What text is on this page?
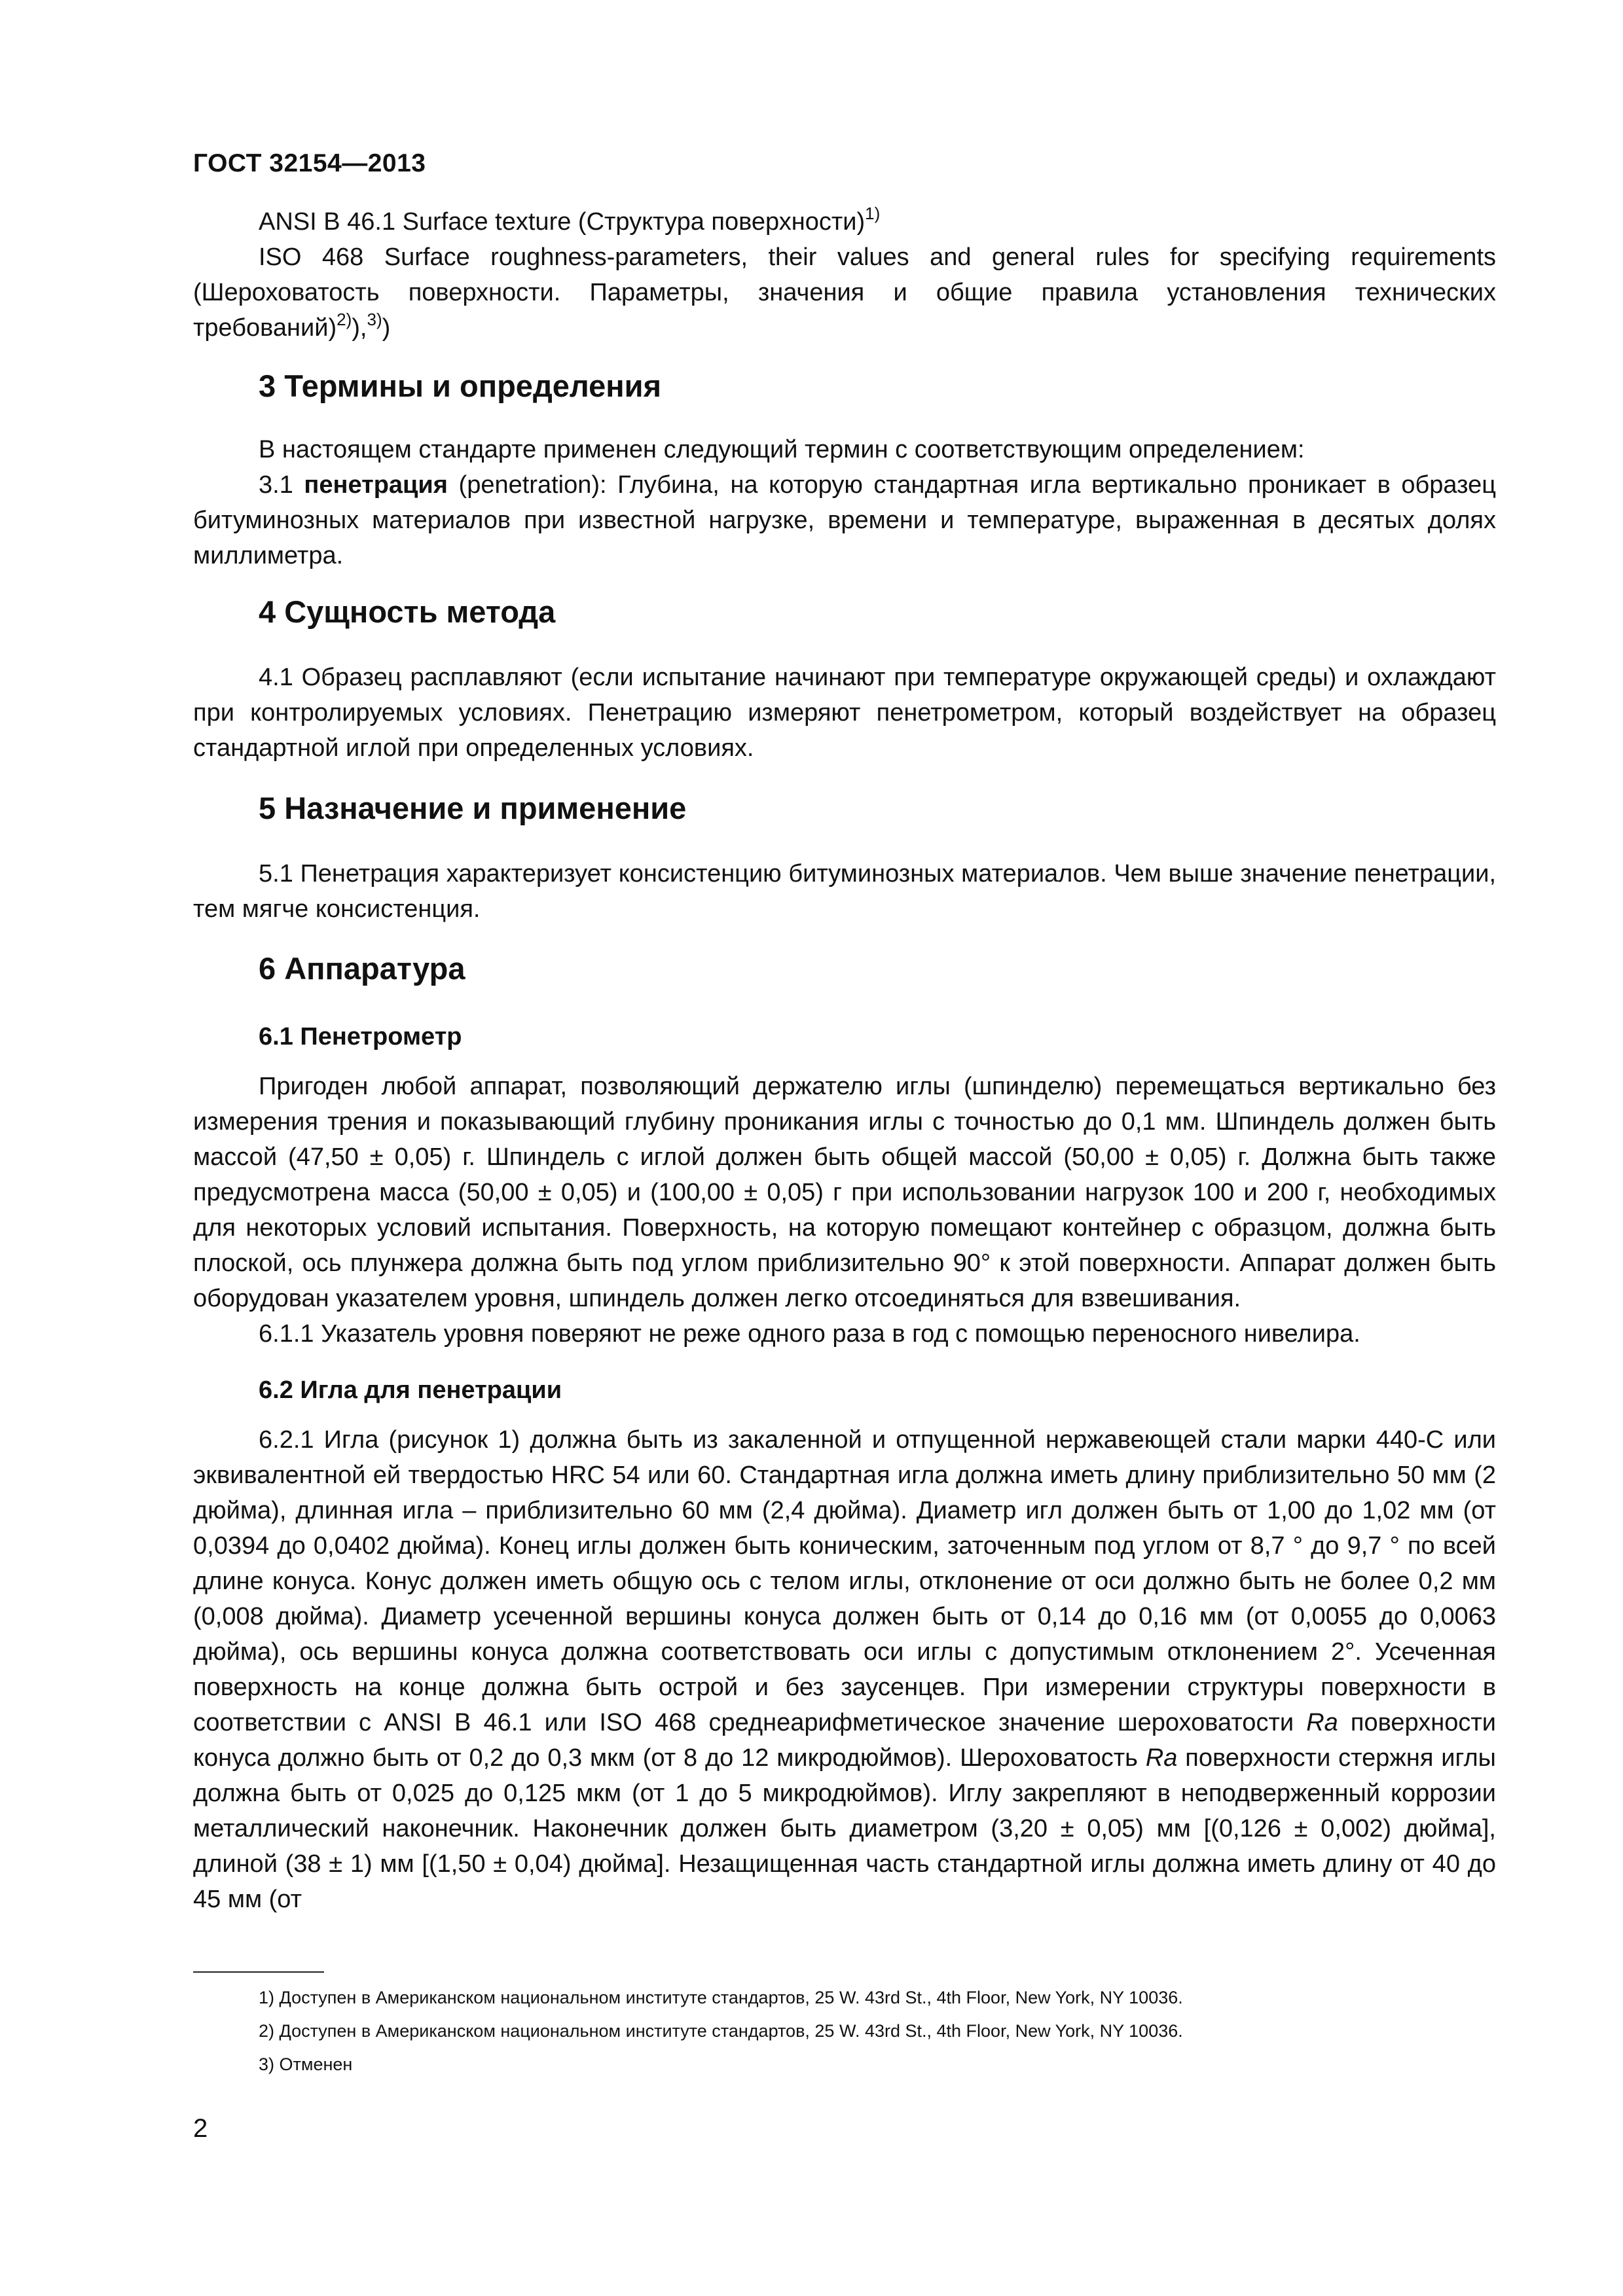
ГОСТ 32154—2013

ANSI B 46.1 Surface texture (Структура поверхности)$^{1)}$

ISO 468 Surface roughness-parameters, their values and general rules for specifying requirements (Шероховатость поверхности. Параметры, значения и общие правила установления технических требований)$^{2)}$),$^{3)}$)

3 Термины и определения

В настоящем стандарте применен следующий термин с соответствующим определением:

3.1 пенетрация (penetration): Глубина, на которую стандартная игла вертикально проникает в образец битуминозных материалов при известной нагрузке, времени и температуре, выраженная в десятых долях миллиметра.

4 Сущность метода

4.1 Образец расплавляют (если испытание начинают при температуре окружающей среды) и охлаждают при контролируемых условиях. Пенетрацию измеряют пенетрометром, который воздействует на образец стандартной иглой при определенных условиях.

5 Назначение и применение

5.1 Пенетрация характеризует консистенцию битуминозных материалов. Чем выше значение пенетрации, тем мягче консистенция.

6 Аппаратура
6.1 Пенетрометр

Пригоден любой аппарат, позволяющий держателю иглы (шпинделю) перемещаться вертикально без измерения трения и показывающий глубину проникания иглы с точностью до 0,1 мм. Шпиндель должен быть массой (47,50 ± 0,05) г. Шпиндель с иглой должен быть общей массой (50,00 ± 0,05) г. Должна быть также предусмотрена масса (50,00 ± 0,05) и (100,00 ± 0,05) г при использовании нагрузок 100 и 200 г, необходимых для некоторых условий испытания. Поверхность, на которую помещают контейнер с образцом, должна быть плоской, ось плунжера должна быть под углом приблизительно 90° к этой поверхности. Аппарат должен быть оборудован указателем уровня, шпиндель должен легко отсоединяться для взвешивания.

6.1.1 Указатель уровня поверяют не реже одного раза в год с помощью переносного нивелира.

6.2 Игла для пенетрации

6.2.1 Игла (рисунок 1) должна быть из закаленной и отпущенной нержавеющей стали марки 440-С или эквивалентной ей твердостью HRC 54 или 60. Стандартная игла должна иметь длину приблизительно 50 мм (2 дюйма), длинная игла – приблизительно 60 мм (2,4 дюйма). Диаметр игл должен быть от 1,00 до 1,02 мм (от 0,0394 до 0,0402 дюйма). Конец иглы должен быть коническим, заточенным под углом от 8,7 ° до 9,7 ° по всей длине конуса. Конус должен иметь общую ось с телом иглы, отклонение от оси должно быть не более 0,2 мм (0,008 дюйма). Диаметр усеченной вершины конуса должен быть от 0,14 до 0,16 мм (от 0,0055 до 0,0063 дюйма), ось вершины конуса должна соответствовать оси иглы с допустимым отклонением 2°. Усеченная поверхность на конце должна быть острой и без заусенцев. При измерении структуры поверхности в соответствии с ANSI B 46.1 или ISO 468 среднеарифметическое значение шероховатости Ra поверхности конуса должно быть от 0,2 до 0,3 мкм (от 8 до 12 микродюймов). Шероховатость Ra поверхности стержня иглы должна быть от 0,025 до 0,125 мкм (от 1 до 5 микродюймов). Иглу закрепляют в неподверженный коррозии металлический наконечник. Наконечник должен быть диаметром (3,20 ± 0,05) мм [(0,126 ± 0,002) дюйма], длиной (38 ± 1) мм [(1,50 ± 0,04) дюйма]. Незащищенная часть стандартной иглы должна иметь длину от 40 до 45 мм (от

1) Доступен в Американском национальном институте стандартов, 25 W. 43rd St., 4th Floor, New York, NY 10036.
2) Доступен в Американском национальном институте стандартов, 25 W. 43rd St., 4th Floor, New York, NY 10036.
3) Отменен
2
